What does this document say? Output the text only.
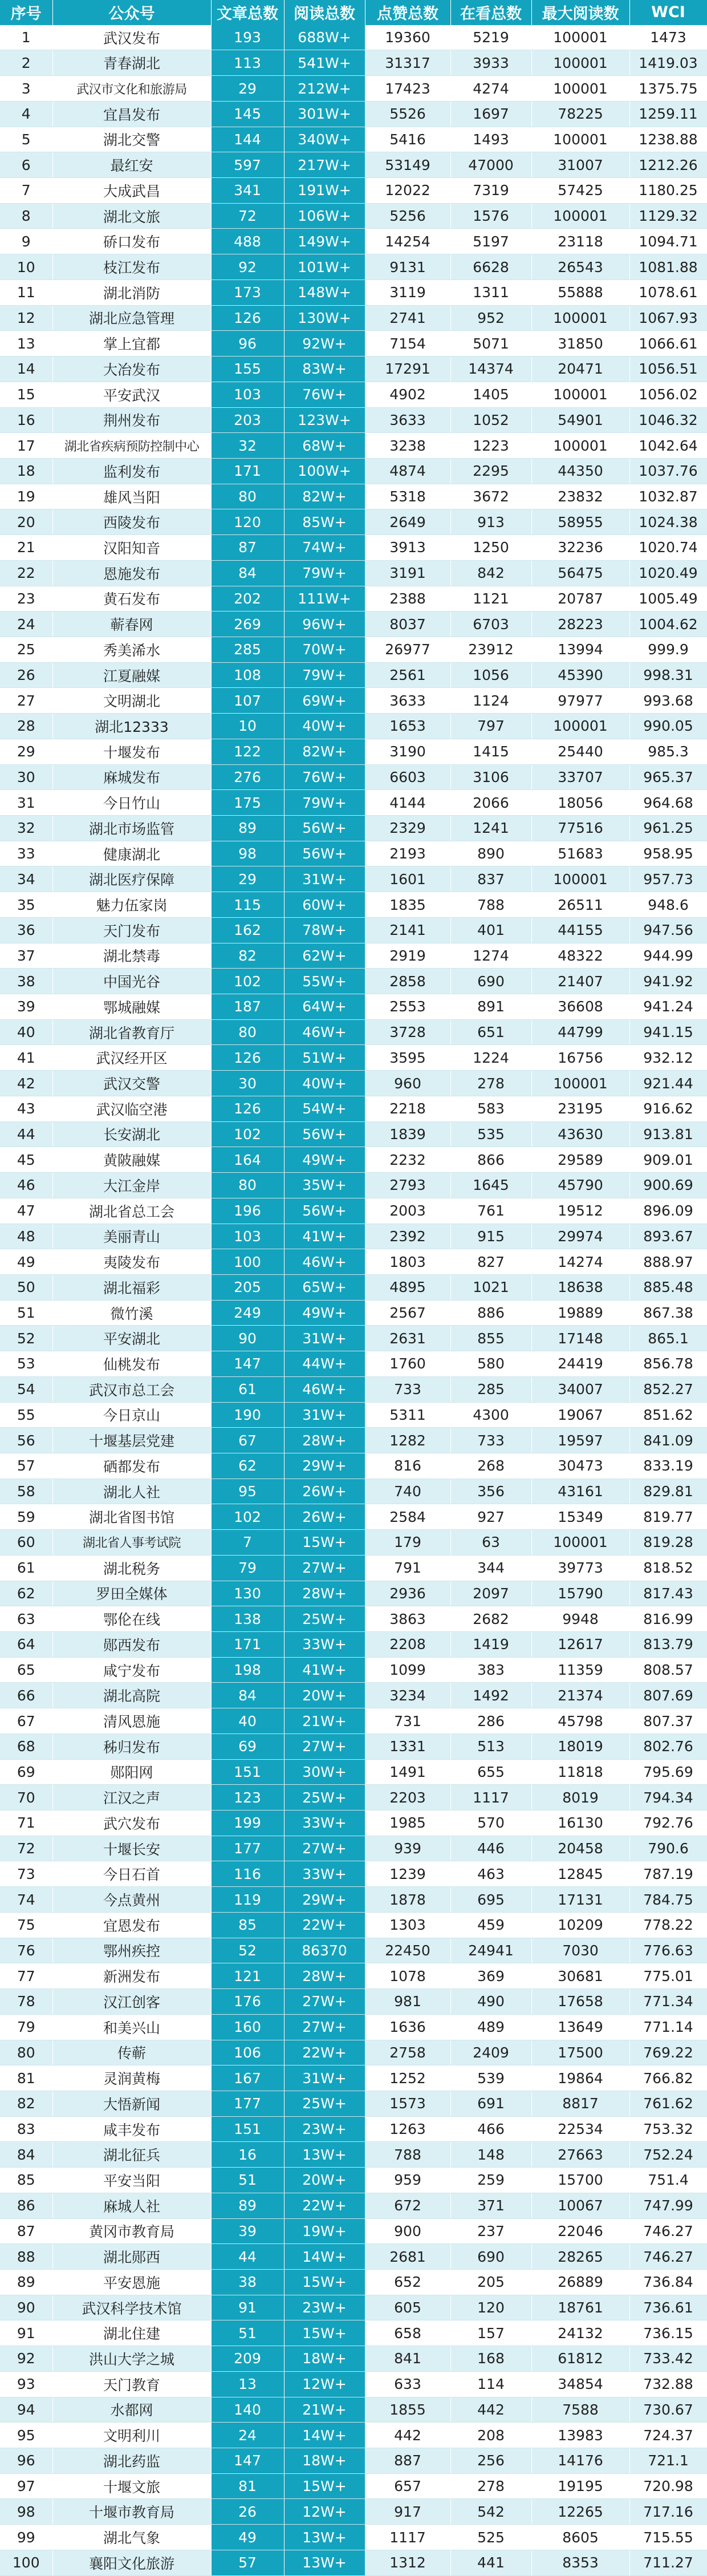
序号	公众号	文章总数	阅读总数	点赞总数	在看总数	最大阅读数	WCI
1	武汉发布	193	688W+	19360	5219	100001	1473
2	青春湖北	113	541W+	31317	3933	100001	1419.03
3	武汉市文化和旅游局	29	212W+	17423	4274	100001	1375.75
4	宜昌发布	145	301W+	5526	1697	78225	1259.11
5	湖北交警	144	340W+	5416	1493	100001	1238.88
6	最红安	597	217W+	53149	47000	31007	1212.26
7	大成武昌	341	191W+	12022	7319	57425	1180.25
8	湖北文旅	72	106W+	5256	1576	100001	1129.32
9	硚口发布	488	149W+	14254	5197	23118	1094.71
10	枝江发布	92	101W+	9131	6628	26543	1081.88
11	湖北消防	173	148W+	3119	1311	55888	1078.61
12	湖北应急管理	126	130W+	2741	952	100001	1067.93
13	掌上宜都	96	92W+	7154	5071	31850	1066.61
14	大冶发布	155	83W+	17291	14374	20471	1056.51
15	平安武汉	103	76W+	4902	1405	100001	1056.02
16	荆州发布	203	123W+	3633	1052	54901	1046.32
17	湖北省疾病预防控制中心	32	68W+	3238	1223	100001	1042.64
18	监利发布	171	100W+	4874	2295	44350	1037.76
19	雄风当阳	80	82W+	5318	3672	23832	1032.87
20	西陵发布	120	85W+	2649	913	58955	1024.38
21	汉阳知音	87	74W+	3913	1250	32236	1020.74
22	恩施发布	84	79W+	3191	842	56475	1020.49
23	黄石发布	202	111W+	2388	1121	20787	1005.49
24	蕲春网	269	96W+	8037	6703	28223	1004.62
25	秀美浠水	285	70W+	26977	23912	13994	999.9
26	江夏融媒	108	79W+	2561	1056	45390	998.31
27	文明湖北	107	69W+	3633	1124	97977	993.68
28	湖北12333	10	40W+	1653	797	100001	990.05
29	十堰发布	122	82W+	3190	1415	25440	985.3
30	麻城发布	276	76W+	6603	3106	33707	965.37
31	今日竹山	175	79W+	4144	2066	18056	964.68
32	湖北市场监管	89	56W+	2329	1241	77516	961.25
33	健康湖北	98	56W+	2193	890	51683	958.95
34	湖北医疗保障	29	31W+	1601	837	100001	957.73
35	魅力伍家岗	115	60W+	1835	788	26511	948.6
36	天门发布	162	78W+	2141	401	44155	947.56
37	湖北禁毒	82	62W+	2919	1274	48322	944.99
38	中国光谷	102	55W+	2858	690	21407	941.92
39	鄂城融媒	187	64W+	2553	891	36608	941.24
40	湖北省教育厅	80	46W+	3728	651	44799	941.15
41	武汉经开区	126	51W+	3595	1224	16756	932.12
42	武汉交警	30	40W+	960	278	100001	921.44
43	武汉临空港	126	54W+	2218	583	23195	916.62
44	长安湖北	102	56W+	1839	535	43630	913.81
45	黄陂融媒	164	49W+	2232	866	29589	909.01
46	大江金岸	80	35W+	2793	1645	45790	900.69
47	湖北省总工会	196	56W+	2003	761	19512	896.09
48	美丽青山	103	41W+	2392	915	29974	893.67
49	夷陵发布	100	46W+	1803	827	14274	888.97
50	湖北福彩	205	65W+	4895	1021	18638	885.48
51	微竹溪	249	49W+	2567	886	19889	867.38
52	平安湖北	90	31W+	2631	855	17148	865.1
53	仙桃发布	147	44W+	1760	580	24419	856.78
54	武汉市总工会	61	46W+	733	285	34007	852.27
55	今日京山	190	31W+	5311	4300	19067	851.62
56	十堰基层党建	67	28W+	1282	733	19597	841.09
57	硒都发布	62	29W+	816	268	30473	833.19
58	湖北人社	95	26W+	740	356	43161	829.81
59	湖北省图书馆	102	26W+	2584	927	15349	819.77
60	湖北省人事考试院	7	15W+	179	63	100001	819.28
61	湖北税务	79	27W+	791	344	39773	818.52
62	罗田全媒体	130	28W+	2936	2097	15790	817.43
63	鄂伦在线	138	25W+	3863	2682	9948	816.99
64	郧西发布	171	33W+	2208	1419	12617	813.79
65	咸宁发布	198	41W+	1099	383	11359	808.57
66	湖北高院	84	20W+	3234	1492	21374	807.69
67	清风恩施	40	21W+	731	286	45798	807.37
68	秭归发布	69	27W+	1331	513	18019	802.76
69	郧阳网	151	30W+	1491	655	11818	795.69
70	江汉之声	123	25W+	2203	1117	8019	794.34
71	武穴发布	199	33W+	1985	570	16130	792.76
72	十堰长安	177	27W+	939	446	20458	790.6
73	今日石首	116	33W+	1239	463	12845	787.19
74	今点黄州	119	29W+	1878	695	17131	784.75
75	宜恩发布	85	22W+	1303	459	10209	778.22
76	鄂州疾控	52	86370	22450	24941	7030	776.63
77	新洲发布	121	28W+	1078	369	30681	775.01
78	汉江创客	176	27W+	981	490	17658	771.34
79	和美兴山	160	27W+	1636	489	13649	771.14
80	传蕲	106	22W+	2758	2409	17500	769.22
81	灵润黄梅	167	31W+	1252	539	19864	766.82
82	大悟新闻	177	25W+	1573	691	8817	761.62
83	咸丰发布	151	23W+	1263	466	22534	753.32
84	湖北征兵	16	13W+	788	148	27663	752.24
85	平安当阳	51	20W+	959	259	15700	751.4
86	麻城人社	89	22W+	672	371	10067	747.99
87	黄冈市教育局	39	19W+	900	237	22046	746.27
88	湖北郧西	44	14W+	2681	690	28265	746.27
89	平安恩施	38	15W+	652	205	26889	736.84
90	武汉科学技术馆	91	23W+	605	120	18761	736.61
91	湖北住建	51	15W+	658	157	24132	736.15
92	洪山大学之城	209	18W+	841	168	61812	733.42
93	天门教育	13	12W+	633	114	34854	732.88
94	水都网	140	21W+	1855	442	7588	730.67
95	文明利川	24	14W+	442	208	13983	724.37
96	湖北药监	147	18W+	887	256	14176	721.1
97	十堰文旅	81	15W+	657	278	19195	720.98
98	十堰市教育局	26	12W+	917	542	12265	717.16
99	湖北气象	49	13W+	1117	525	8605	715.55
100	襄阳文化旅游	57	13W+	1312	441	8353	711.27
